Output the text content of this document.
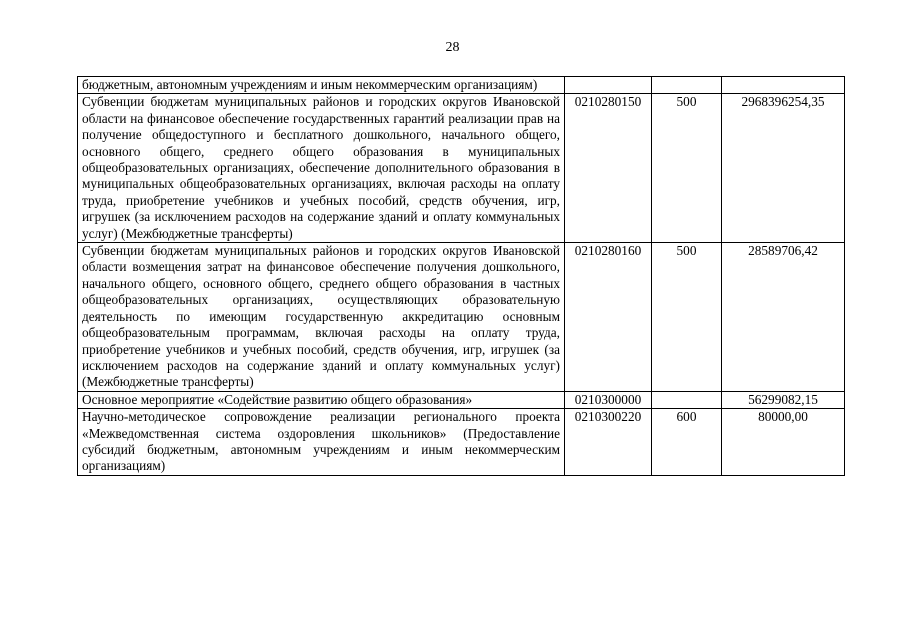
28
бюджетным, автономным учреждениям и иным некоммерческим организациям)			
Субвенции бюджетам муниципальных районов и городских округов Ивановской области на финансовое обеспечение государственных гарантий реализации прав на получение общедоступного и бесплатного дошкольного, начального общего, основного общего, среднего общего образования в муниципальных общеобразовательных организациях, обеспечение дополнительного образования в муниципальных общеобразовательных организациях, включая расходы на оплату труда, приобретение учебников и учебных пособий, средств обучения, игр, игрушек (за исключением расходов на содержание зданий и оплату коммунальных услуг) (Межбюджетные трансферты)	0210280150	500	2968396254,35
Субвенции бюджетам муниципальных районов и городских округов Ивановской области возмещения затрат на финансовое обеспечение получения дошкольного, начального общего, основного общего, среднего общего образования в частных общеобразовательных организациях, осуществляющих образовательную деятельность по имеющим государственную аккредитацию основным общеобразовательным программам, включая расходы на оплату труда, приобретение учебников и учебных пособий, средств обучения, игр, игрушек (за исключением расходов на содержание зданий и оплату коммунальных услуг) (Межбюджетные трансферты)	0210280160	500	28589706,42
Основное мероприятие «Содействие развитию общего образования»	0210300000		56299082,15
Научно-методическое сопровождение реализации регионального проекта «Межведомственная система оздоровления школьников» (Предоставление субсидий бюджетным, автономным учреждениям и иным некоммерческим организациям)	0210300220	600	80000,00
